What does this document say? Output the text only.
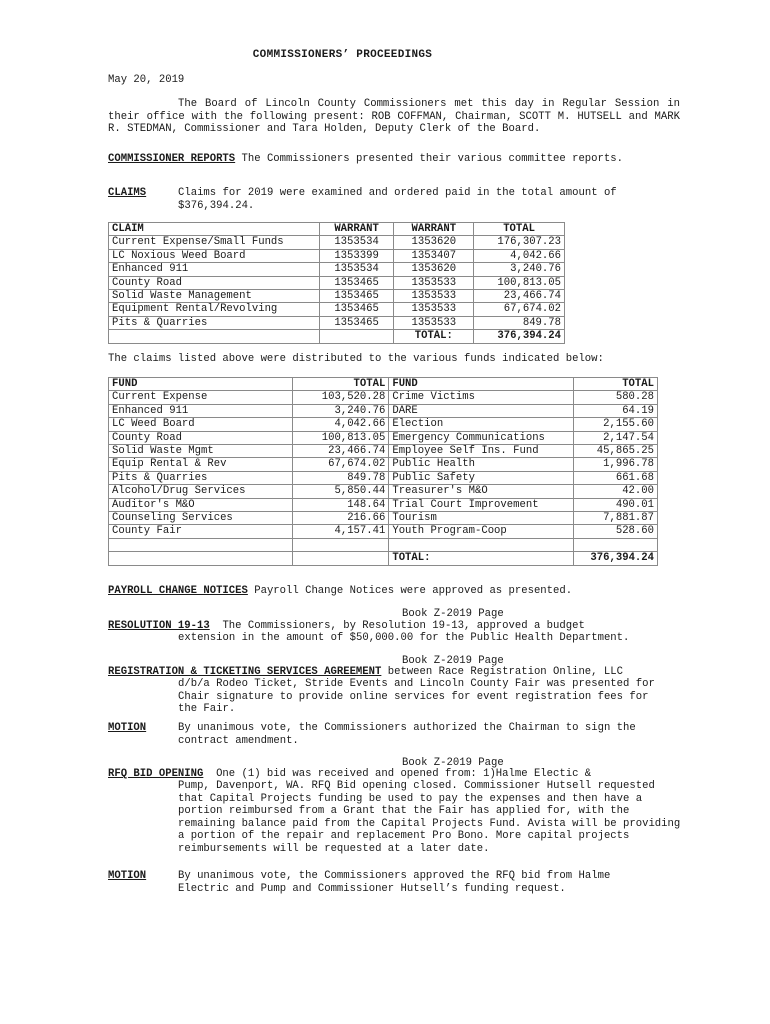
COMMISSIONERS’ PROCEEDINGS
May 20, 2019
The Board of Lincoln County Commissioners met this day in Regular Session in their office with the following present: ROB COFFMAN, Chairman, SCOTT M. HUTSELL and MARK R. STEDMAN, Commissioner and Tara Holden, Deputy Clerk of the Board.
COMMISSIONER REPORTS The Commissioners presented their various committee reports.
CLAIMS	Claims for 2019 were examined and ordered paid in the total amount of $376,394.24.
CLAIM	WARRANT	WARRANT	TOTAL
Current Expense/Small Funds	1353534	1353620	176,307.23
LC Noxious Weed Board	1353399	1353407	4,042.66
Enhanced 911	1353534	1353620	3,240.76
County Road	1353465	1353533	100,813.05
Solid Waste Management	1353465	1353533	23,466.74
Equipment Rental/Revolving	1353465	1353533	67,674.02
Pits & Quarries	1353465	1353533	849.78
		TOTAL:	376,394.24
The claims listed above were distributed to the various funds indicated below:
FUND	TOTAL	FUND	TOTAL
Current Expense	103,520.28	Crime Victims	580.28
Enhanced 911	3,240.76	DARE	64.19
LC Weed Board	4,042.66	Election	2,155.60
County Road	100,813.05	Emergency Communications	2,147.54
Solid Waste Mgmt	23,466.74	Employee Self Ins. Fund	45,865.25
Equip Rental & Rev	67,674.02	Public Health	1,996.78
Pits & Quarries	849.78	Public Safety	661.68
Alcohol/Drug Services	5,850.44	Treasurer's M&O	42.00
Auditor's M&O	148.64	Trial Court Improvement	490.01
Counseling Services	216.66	Tourism	7,881.87
County Fair	4,157.41	Youth Program-Coop	528.60

		TOTAL:	376,394.24
PAYROLL CHANGE NOTICES Payroll Change Notices were approved as presented.
Book Z-2019 Page
RESOLUTION 19-13 The Commissioners, by Resolution 19-13, approved a budget
extension in the amount of $50,000.00 for the Public Health Department.
Book Z-2019 Page
REGISTRATION & TICKETING SERVICES AGREEMENT between Race Registration Online, LLC
d/b/a Rodeo Ticket, Stride Events and Lincoln County Fair was presented for Chair signature to provide online services for event registration fees for the Fair.
MOTION	By unanimous vote, the Commissioners authorized the Chairman to sign the contract amendment.
Book Z-2019 Page
RFQ BID OPENING One (1) bid was received and opened from: 1)Halme Electic &
Pump, Davenport, WA. RFQ Bid opening closed. Commissioner Hutsell requested that Capital Projects funding be used to pay the expenses and then have a portion reimbursed from a Grant that the Fair has applied for, with the remaining balance paid from the Capital Projects Fund. Avista will be providing a portion of the repair and replacement Pro Bono. More capital projects reimbursements will be requested at a later date.
MOTION	By unanimous vote, the Commissioners approved the RFQ bid from Halme Electric and Pump and Commissioner Hutsell’s funding request.
